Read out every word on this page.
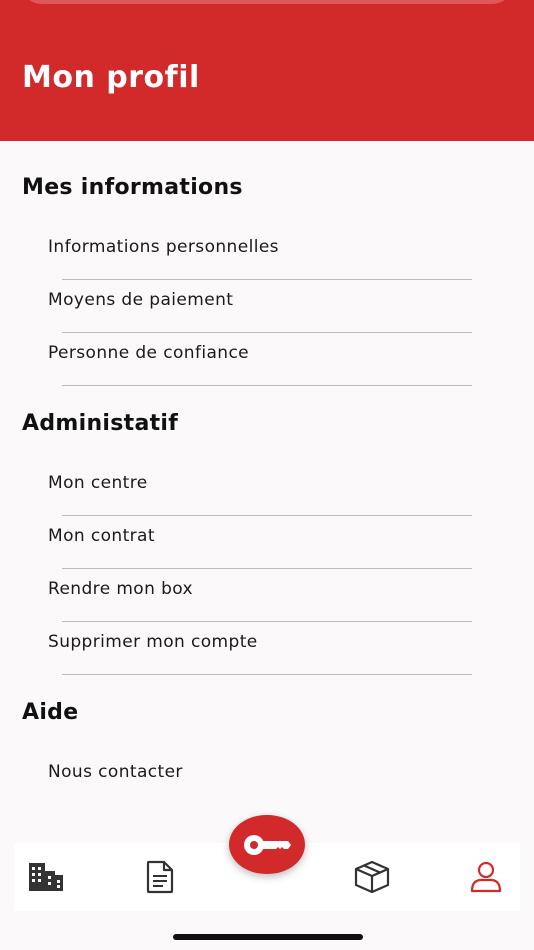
Mon profil
Mes informations
Informations personnelles
Moyens de paiement
Personne de confiance
Administatif
Mon centre
Mon contrat
Rendre mon box
Supprimer mon compte
Aide
Nous contacter
